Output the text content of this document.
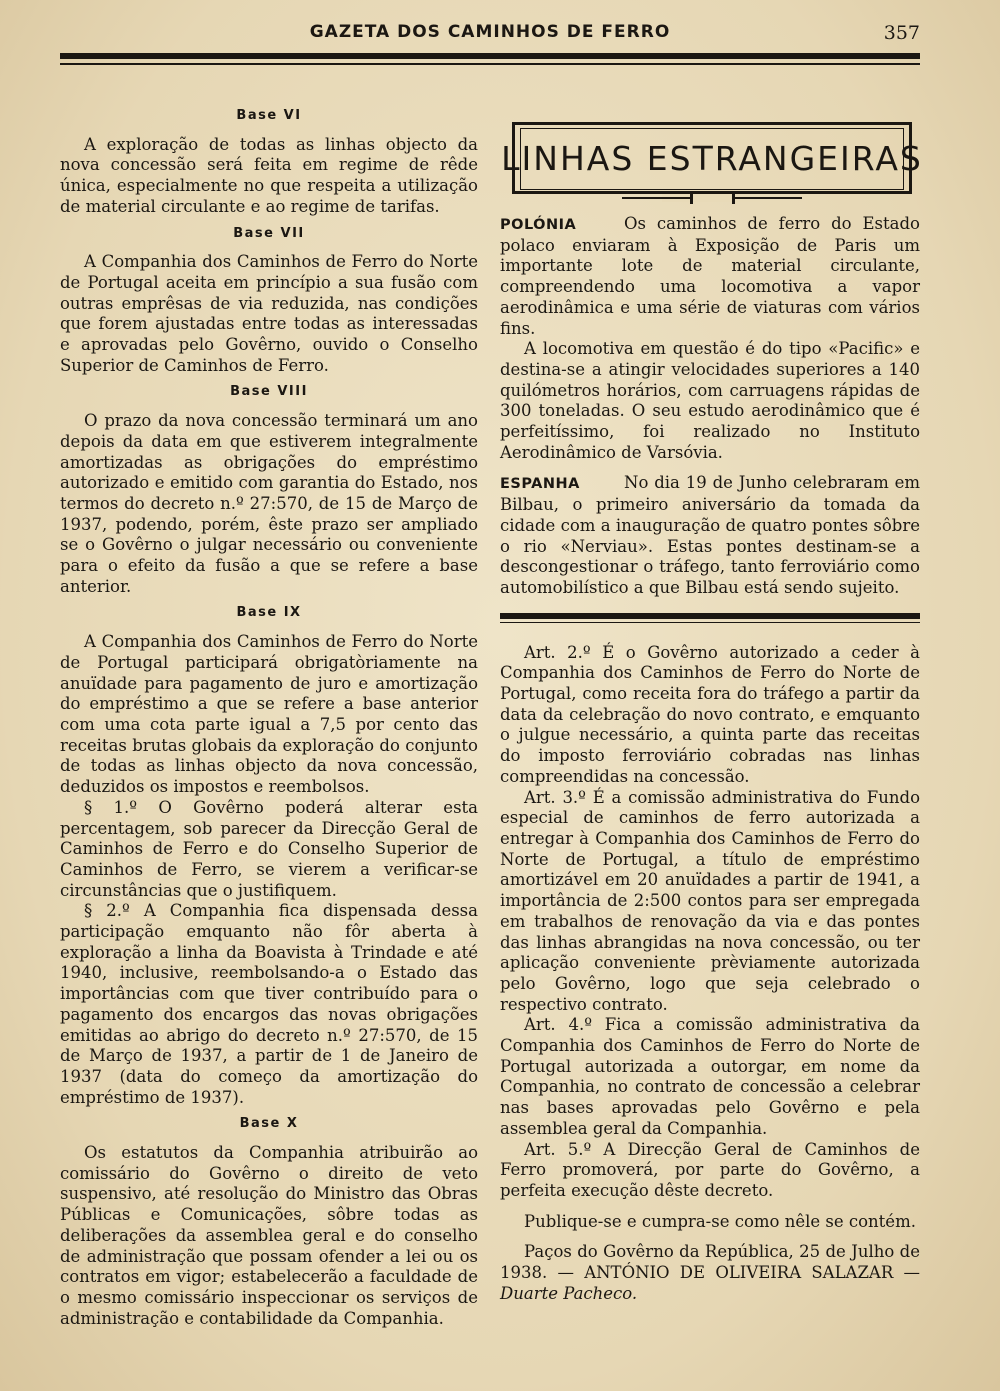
GAZETA DOS CAMINHOS DE FERRO	357
Base VI

A exploração de todas as linhas objecto da nova concessão será feita em regime de rêde única, especialmente no que respeita a utilização de material circulante e ao regime de tarifas.

Base VII

A Companhia dos Caminhos de Ferro do Norte de Portugal aceita em princípio a sua fusão com outras emprêsas de via reduzida, nas condições que forem ajustadas entre todas as interessadas e aprovadas pelo Govêrno, ouvido o Conselho Superior de Caminhos de Ferro.

Base VIII

O prazo da nova concessão terminará um ano depois da data em que estiverem integralmente amortizadas as obrigações do empréstimo autorizado e emitido com garantia do Estado, nos termos do decreto n.º 27:570, de 15 de Março de 1937, podendo, porém, êste prazo ser ampliado se o Govêrno o julgar necessário ou conveniente para o efeito da fusão a que se refere a base anterior.

Base IX

A Companhia dos Caminhos de Ferro do Norte de Portugal participará obrigatòriamente na anuïdade para pagamento de juro e amortização do empréstimo a que se refere a base anterior com uma cota parte igual a 7,5 por cento das receitas brutas globais da exploração do conjunto de todas as linhas objecto da nova concessão, deduzidos os impostos e reembolsos.

§ 1.º O Govêrno poderá alterar esta percentagem, sob parecer da Direcção Geral de Caminhos de Ferro e do Conselho Superior de Caminhos de Ferro, se vierem a verificar-se circunstâncias que o justifiquem.

§ 2.º A Companhia fica dispensada dessa participação emquanto não fôr aberta à exploração a linha da Boavista à Trindade e até 1940, inclusive, reembolsando-a o Estado das importâncias com que tiver contribuído para o pagamento dos encargos das novas obrigações emitidas ao abrigo do decreto n.º 27:570, de 15 de Março de 1937, a partir de 1 de Janeiro de 1937 (data do começo da amortização do empréstimo de 1937).

Base X

Os estatutos da Companhia atribuirão ao comissário do Govêrno o direito de veto suspensivo, até resolução do Ministro das Obras Públicas e Comunicações, sôbre todas as deliberações da assemblea geral e do conselho de administração que possam ofender a lei ou os contratos em vigor; estabelecerão a faculdade de o mesmo comissário inspeccionar os serviços de administração e contabilidade da Companhia.

LINHAS ESTRANGEIRAS

POLÓNIA	Os caminhos de ferro do Estado polaco enviaram à Exposição de Paris um importante lote de material circulante, compreendendo uma locomotiva a vapor aerodinâmica e uma série de viaturas com vários fins.

A locomotiva em questão é do tipo «Pacific» e destina-se a atingir velocidades superiores a 140 quilómetros horários, com carruagens rápidas de 300 toneladas. O seu estudo aerodinâmico que é perfeitíssimo, foi realizado no Instituto Aerodinâmico de Varsóvia.

ESPANHA	No dia 19 de Junho celebraram em Bilbau, o primeiro aniversário da tomada da cidade com a inauguração de quatro pontes sôbre o rio «Nerviau». Estas pontes destinam-se a descongestionar o tráfego, tanto ferroviário como automobilístico a que Bilbau está sendo sujeito.

Art. 2.º É o Govêrno autorizado a ceder à Companhia dos Caminhos de Ferro do Norte de Portugal, como receita fora do tráfego a partir da data da celebração do novo contrato, e emquanto o julgue necessário, a quinta parte das receitas do imposto ferroviário cobradas nas linhas compreendidas na concessão.

Art. 3.º É a comissão administrativa do Fundo especial de caminhos de ferro autorizada a entregar à Companhia dos Caminhos de Ferro do Norte de Portugal, a título de empréstimo amortizável em 20 anuïdades a partir de 1941, a importância de 2:500 contos para ser empregada em trabalhos de renovação da via e das pontes das linhas abrangidas na nova concessão, ou ter aplicação conveniente prèviamente autorizada pelo Govêrno, logo que seja celebrado o respectivo contrato.

Art. 4.º Fica a comissão administrativa da Companhia dos Caminhos de Ferro do Norte de Portugal autorizada a outorgar, em nome da Companhia, no contrato de concessão a celebrar nas bases aprovadas pelo Govêrno e pela assemblea geral da Companhia.

Art. 5.º A Direcção Geral de Caminhos de Ferro promoverá, por parte do Govêrno, a perfeita execução dêste decreto.

Publique-se e cumpra-se como nêle se contém.

Paços do Govêrno da República, 25 de Julho de 1938. — ANTÓNIO DE OLIVEIRA SALAZAR — Duarte Pacheco.
